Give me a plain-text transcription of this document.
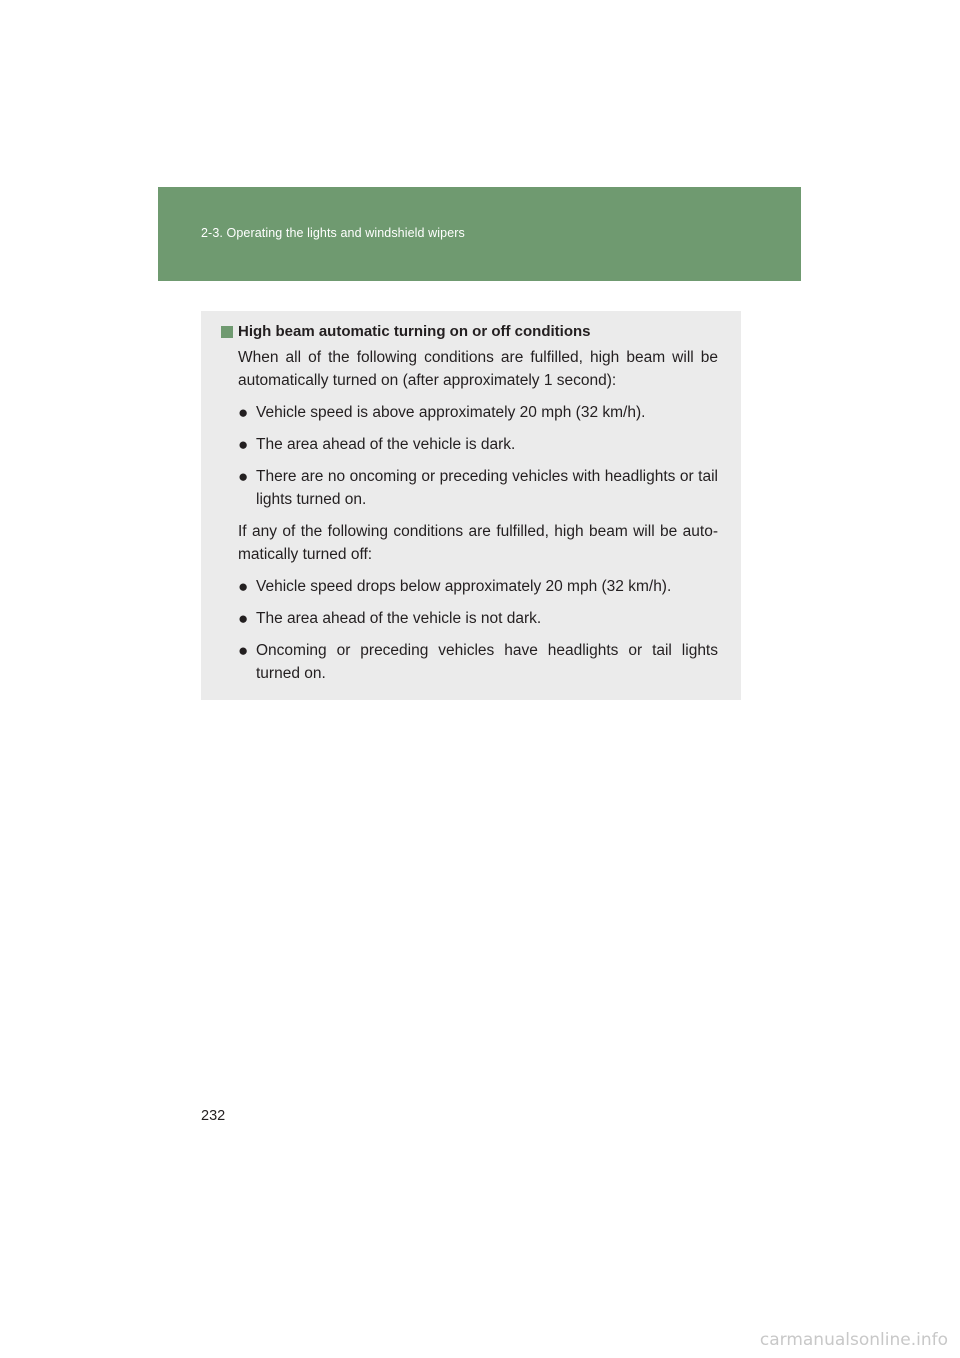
2-3. Operating the lights and windshield wipers
High beam automatic turning on or off conditions
When all of the following conditions are fulfilled, high beam will be automatically turned on (after approximately 1 second):
● Vehicle speed is above approximately 20 mph (32 km/h).
● The area ahead of the vehicle is dark.
● There are no oncoming or preceding vehicles with headlights or tail lights turned on.
If any of the following conditions are fulfilled, high beam will be auto-matically turned off:
● Vehicle speed drops below approximately 20 mph (32 km/h).
● The area ahead of the vehicle is not dark.
● Oncoming or preceding vehicles have headlights or tail lights turned on.
232
carmanualsonline.info
